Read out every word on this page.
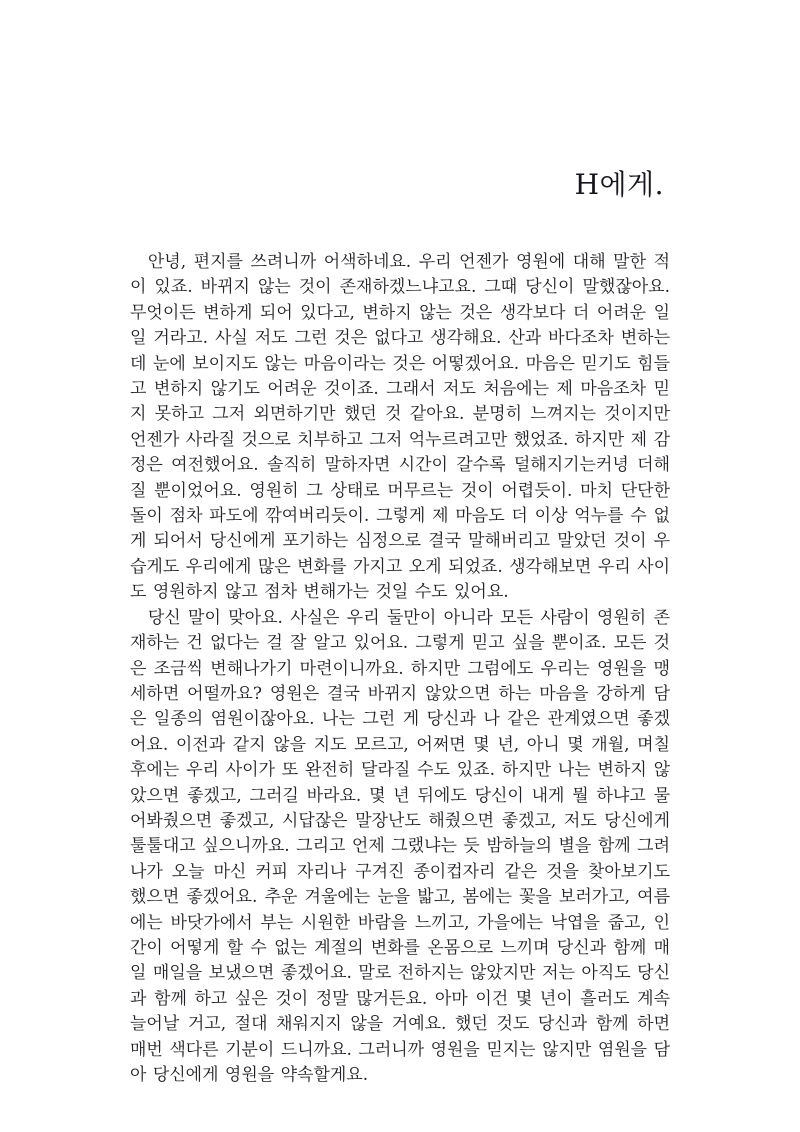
H에게.

안녕, 편지를 쓰려니까 어색하네요. 우리 언젠가 영원에 대해 말한 적이 있죠. 바뀌지 않는 것이 존재하겠느냐고요. 그때 당신이 말했잖아요. 무엇이든 변하게 되어 있다고, 변하지 않는 것은 생각보다 더 어려운 일일 거라고. 사실 저도 그런 것은 없다고 생각해요. 산과 바다조차 변하는데 눈에 보이지도 않는 마음이라는 것은 어떻겠어요. 마음은 믿기도 힘들고 변하지 않기도 어려운 것이죠. 그래서 저도 처음에는 제 마음조차 믿지 못하고 그저 외면하기만 했던 것 같아요. 분명히 느껴지는 것이지만 언젠가 사라질 것으로 치부하고 그저 억누르려고만 했었죠. 하지만 제 감정은 여전했어요. 솔직히 말하자면 시간이 갈수록 덜해지기는커녕 더해질 뿐이었어요. 영원히 그 상태로 머무르는 것이 어렵듯이. 마치 단단한 돌이 점차 파도에 깎여버리듯이. 그렇게 제 마음도 더 이상 억누를 수 없게 되어서 당신에게 포기하는 심정으로 결국 말해버리고 말았던 것이 우습게도 우리에게 많은 변화를 가지고 오게 되었죠. 생각해보면 우리 사이도 영원하지 않고 점차 변해가는 것일 수도 있어요.

당신 말이 맞아요. 사실은 우리 둘만이 아니라 모든 사람이 영원히 존재하는 건 없다는 걸 잘 알고 있어요. 그렇게 믿고 싶을 뿐이죠. 모든 것은 조금씩 변해나가기 마련이니까요. 하지만 그럼에도 우리는 영원을 맹세하면 어떨까요? 영원은 결국 바뀌지 않았으면 하는 마음을 강하게 담은 일종의 염원이잖아요. 나는 그런 게 당신과 나 같은 관계였으면 좋겠어요. 이전과 같지 않을 지도 모르고, 어쩌면 몇 년, 아니 몇 개월, 며칠 후에는 우리 사이가 또 완전히 달라질 수도 있죠. 하지만 나는 변하지 않았으면 좋겠고, 그러길 바라요. 몇 년 뒤에도 당신이 내게 뭘 하냐고 물어봐줬으면 좋겠고, 시답잖은 말장난도 해줬으면 좋겠고, 저도 당신에게 툴툴대고 싶으니까요. 그리고 언제 그랬냐는 듯 밤하늘의 별을 함께 그려나가 오늘 마신 커피 자리나 구겨진 종이컵자리 같은 것을 찾아보기도 했으면 좋겠어요. 추운 겨울에는 눈을 밟고, 봄에는 꽃을 보러가고, 여름에는 바닷가에서 부는 시원한 바람을 느끼고, 가을에는 낙엽을 줍고, 인간이 어떻게 할 수 없는 계절의 변화를 온몸으로 느끼며 당신과 함께 매일 매일을 보냈으면 좋겠어요. 말로 전하지는 않았지만 저는 아직도 당신과 함께 하고 싶은 것이 정말 많거든요. 아마 이건 몇 년이 흘러도 계속 늘어날 거고, 절대 채워지지 않을 거예요. 했던 것도 당신과 함께 하면 매번 색다른 기분이 드니까요. 그러니까 영원을 믿지는 않지만 염원을 담아 당신에게 영원을 약속할게요.
